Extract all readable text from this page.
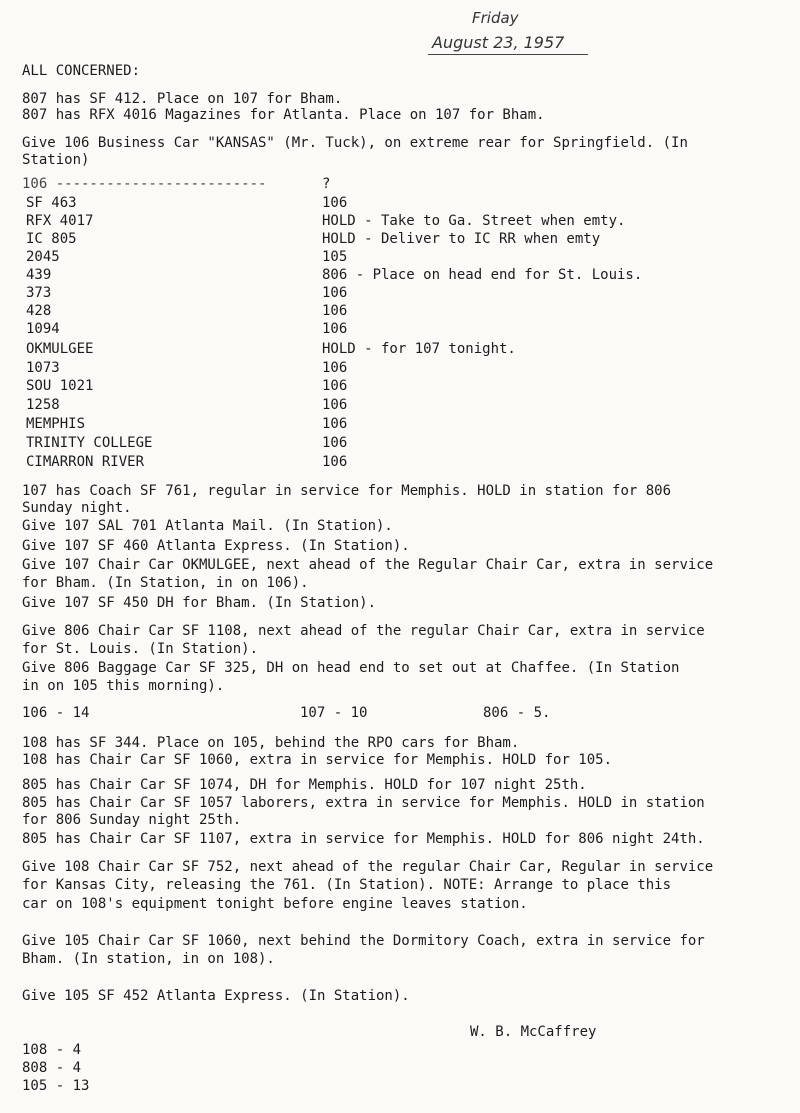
Friday
August 23, 1957
ALL CONCERNED:
807 has SF 412. Place on 107 for Bham.
807 has RFX 4016 Magazines for Atlanta. Place on 107 for Bham.
Give 106 Business Car "KANSAS" (Mr. Tuck), on extreme rear for Springfield. (In
Station)
106 -------------------------	?
SF 463	106
RFX 4017	HOLD - Take to Ga. Street when emty.
IC 805	HOLD - Deliver to IC RR when emty
2045	105
439	806 - Place on head end for St. Louis.
373	106
428	106
1094	106
OKMULGEE	HOLD - for 107 tonight.
1073	106
SOU 1021	106
1258	106
MEMPHIS	106
TRINITY COLLEGE	106
CIMARRON RIVER	106
107 has Coach SF 761, regular in service for Memphis. HOLD in station for 806
Sunday night.
Give 107 SAL 701 Atlanta Mail. (In Station).
Give 107 SF 460 Atlanta Express. (In Station).
Give 107 Chair Car OKMULGEE, next ahead of the Regular Chair Car, extra in service
for Bham. (In Station, in on 106).
Give 107 SF 450 DH for Bham. (In Station).
Give 806 Chair Car SF 1108, next ahead of the regular Chair Car, extra in service
for St. Louis. (In Station).
Give 806 Baggage Car SF 325, DH on head end to set out at Chaffee. (In Station
in on 105 this morning).
106 - 14	107 - 10	806 - 5.
108 has SF 344. Place on 105, behind the RPO cars for Bham.
108 has Chair Car SF 1060, extra in service for Memphis. HOLD for 105.
805 has Chair Car SF 1074, DH for Memphis. HOLD for 107 night 25th.
805 has Chair Car SF 1057 laborers, extra in service for Memphis. HOLD in station
for 806 Sunday night 25th.
805 has Chair Car SF 1107, extra in service for Memphis. HOLD for 806 night 24th.
Give 108 Chair Car SF 752, next ahead of the regular Chair Car, Regular in service
for Kansas City, releasing the 761. (In Station). NOTE: Arrange to place this
car on 108's equipment tonight before engine leaves station.
Give 105 Chair Car SF 1060, next behind the Dormitory Coach, extra in service for
Bham. (In station, in on 108).
Give 105 SF 452 Atlanta Express. (In Station).
W. B. McCaffrey
108 - 4
808 - 4
105 - 13
